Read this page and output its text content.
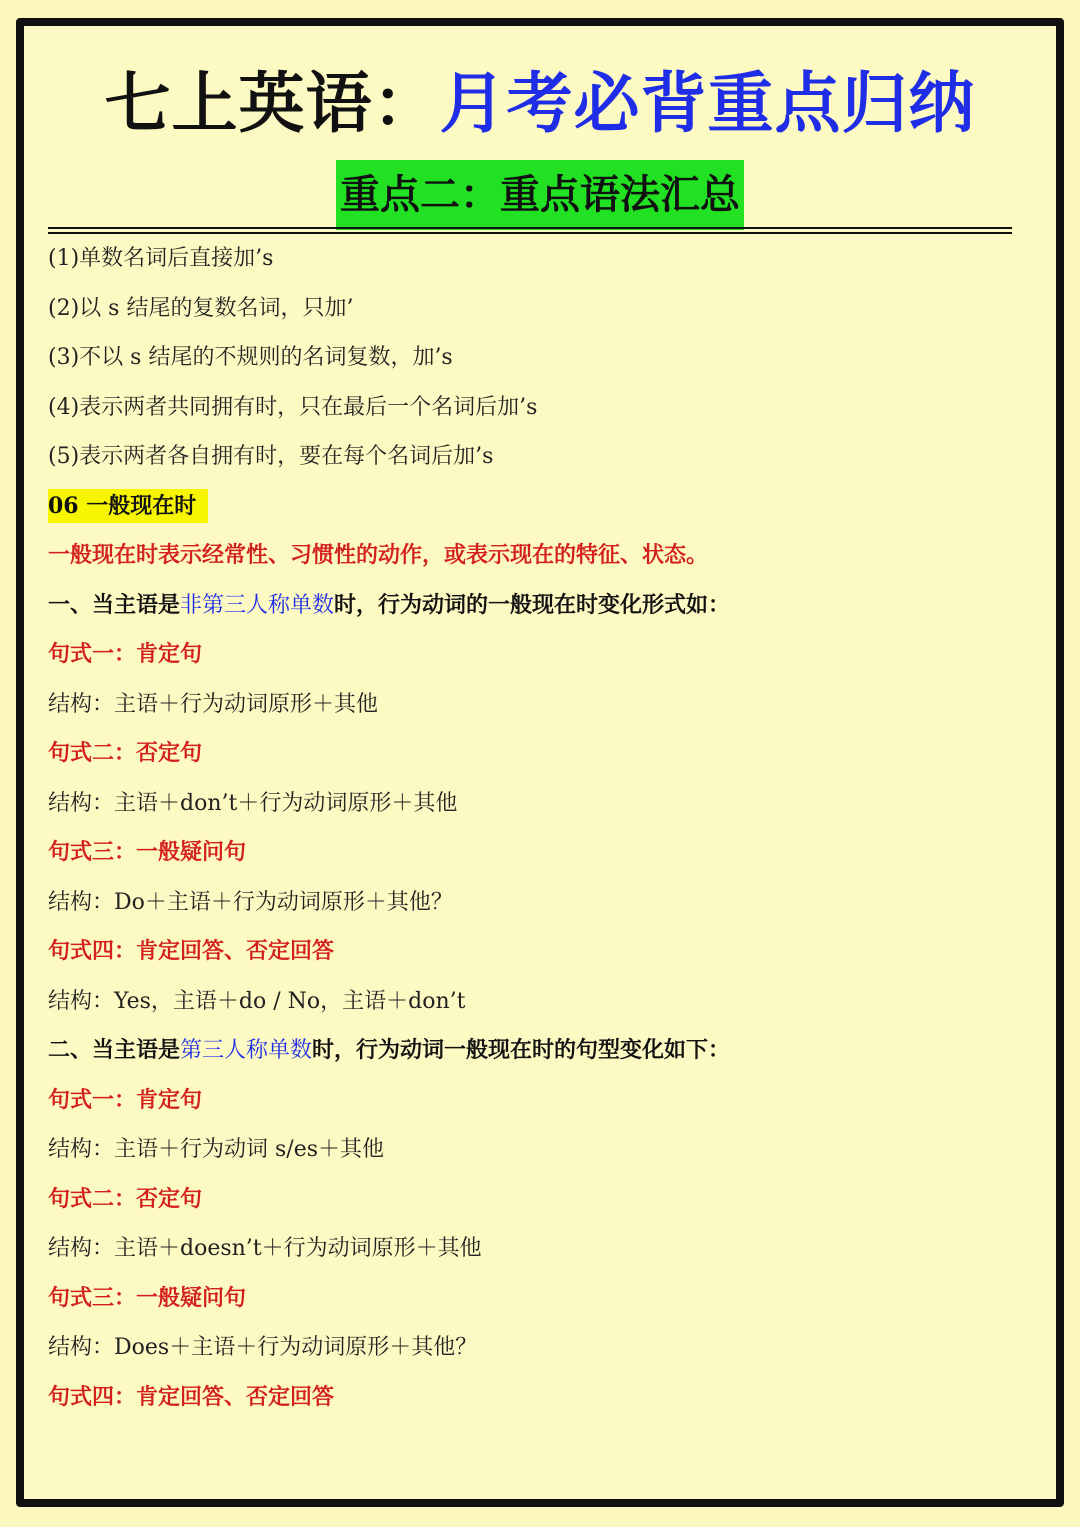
七上英语：月考必背重点归纳
重点二：重点语法汇总
(1)单数名词后直接加’s
(2)以 s 结尾的复数名词，只加’
(3)不以 s 结尾的不规则的名词复数，加’s
(4)表示两者共同拥有时，只在最后一个名词后加’s
(5)表示两者各自拥有时，要在每个名词后加’s
06 一般现在时
一般现在时表示经常性、习惯性的动作，或表示现在的特征、状态。
一、当主语是非第三人称单数时，行为动词的一般现在时变化形式如：
句式一：肯定句
结构：主语＋行为动词原形＋其他
句式二：否定句
结构：主语＋don’t＋行为动词原形＋其他
句式三：一般疑问句
结构：Do＋主语＋行为动词原形＋其他？
句式四：肯定回答、否定回答
结构：Yes，主语＋do / No，主语＋don’t
二、当主语是第三人称单数时，行为动词一般现在时的句型变化如下：
句式一：肯定句
结构：主语＋行为动词 s/es＋其他
句式二：否定句
结构：主语＋doesn’t＋行为动词原形＋其他
句式三：一般疑问句
结构：Does＋主语＋行为动词原形＋其他？
句式四：肯定回答、否定回答
